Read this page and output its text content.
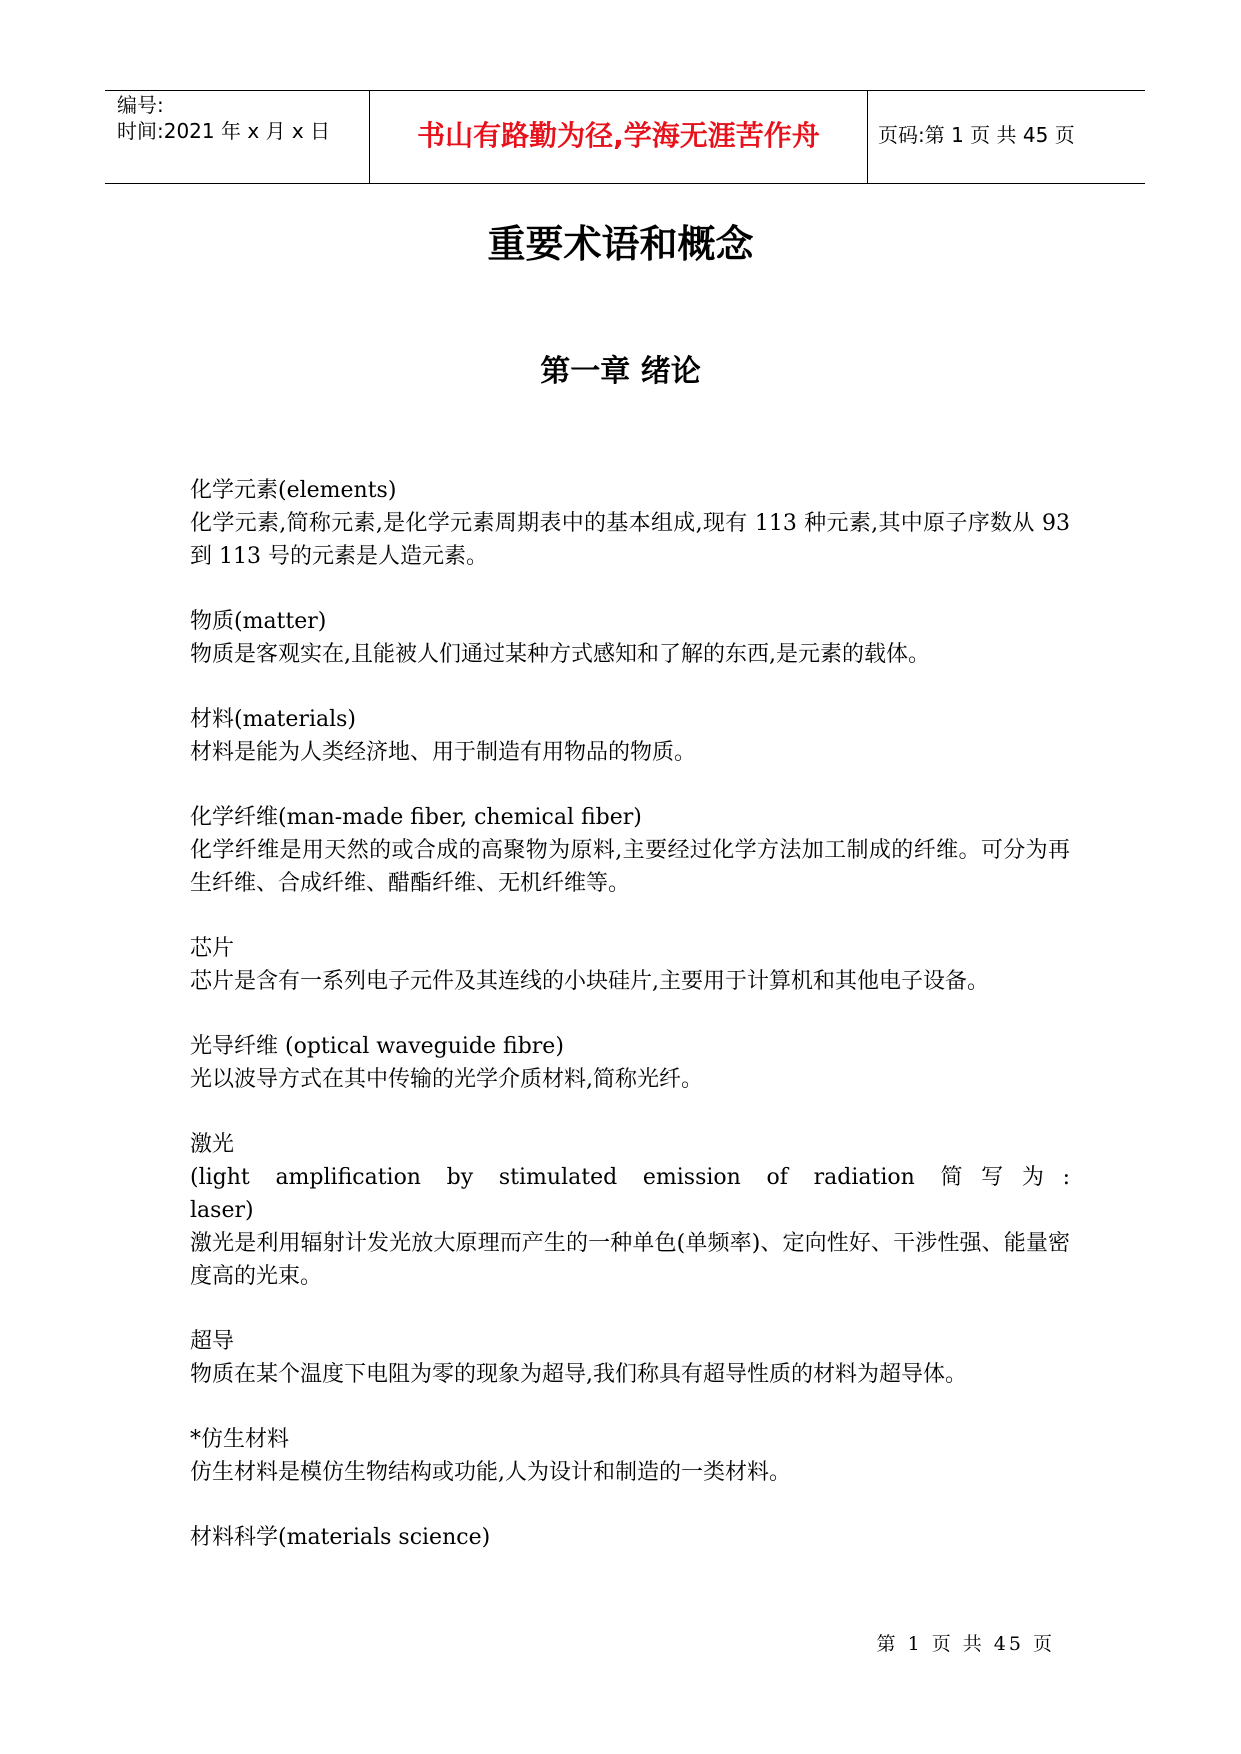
编号:
时间:2021 年 x 月 x 日	书山有路勤为径,学海无涯苦作舟	页码:第 1 页 共 45 页
重要术语和概念
第一章 绪论
化学元素(elements)
化学元素,简称元素,是化学元素周期表中的基本组成,现有 113 种元素,其中原子序数从 93 到 113 号的元素是人造元素。
物质(matter)
物质是客观实在,且能被人们通过某种方式感知和了解的东西,是元素的载体。
材料(materials)
材料是能为人类经济地、用于制造有用物品的物质。
化学纤维(man-made fiber, chemical fiber)
化学纤维是用天然的或合成的高聚物为原料,主要经过化学方法加工制成的纤维。可分为再生纤维、合成纤维、醋酯纤维、无机纤维等。
芯片
芯片是含有一系列电子元件及其连线的小块硅片,主要用于计算机和其他电子设备。
光导纤维 (optical waveguide fibre)
光以波导方式在其中传输的光学介质材料,简称光纤。
激光
(light amplification by stimulated emission of radiation 简写为:
laser)
激光是利用辐射计发光放大原理而产生的一种单色(单频率)、定向性好、干涉性强、能量密度高的光束。
超导
物质在某个温度下电阻为零的现象为超导,我们称具有超导性质的材料为超导体。
*仿生材料
仿生材料是模仿生物结构或功能,人为设计和制造的一类材料。
材料科学(materials science)
第 1 页 共 45 页
